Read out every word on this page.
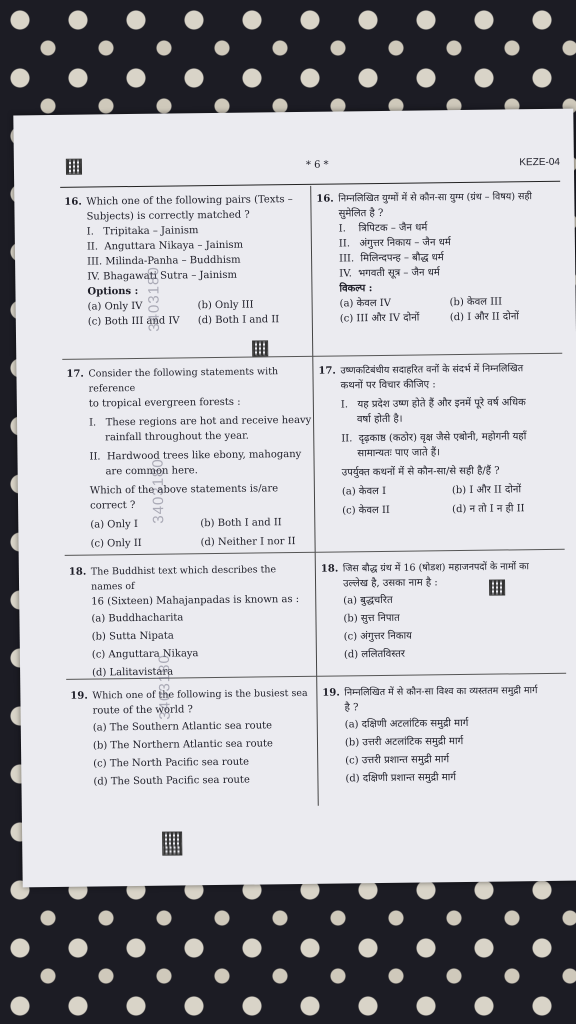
* 6 *	KEZE-04
16. Which one of the following pairs (Texts –
Subjects) is correctly matched ?
I.   Tripitaka – Jainism
II.  Anguttara Nikaya – Jainism
III. Milinda-Panha – Buddhism
IV. Bhagawati Sutra – Jainism
Options :
(a) Only IV	(b) Only III
(c) Both III and IV	(d) Both I and II
16. निम्नलिखित युग्मों में से कौन-सा युग्म (ग्रंथ – विषय) सही
सुमेलित है ?
I.    त्रिपिटक – जैन धर्म
II.   अंगुत्तर निकाय – जैन धर्म
III.  मिलिन्दपन्ह – बौद्ध धर्म
IV.  भगवती सूत्र – जैन धर्म
विकल्प :
(a) केवल IV	(b) केवल III
(c) III और IV दोनों	(d) I और II दोनों
17. Consider the following statements with reference
to tropical evergreen forests :
I.   These regions are hot and receive heavy
rainfall throughout the year.
II.  Hardwood trees like ebony, mahogany
are common here.
Which of the above statements is/are
correct ?
(a) Only I	(b) Both I and II
(c) Only II	(d) Neither I nor II
17. उष्णकटिबंधीय सदाहरित वनों के संदर्भ में निम्नलिखित
कथनों पर विचार कीजिए :
I.   यह प्रदेश उष्ण होते हैं और इनमें पूरे वर्ष अधिक
वर्षा होती है।
II.  दृढ़काष्ठ (कठोर) वृक्ष जैसे एबोनी, महोगनी यहाँ
सामान्यतः पाए जाते हैं।
उपर्युक्त कथनों में से कौन-सा/से सही है/हैं ?
(a) केवल I	(b) I और II दोनों
(c) केवल II	(d) न तो I न ही II
18. The Buddhist text which describes the names of
16 (Sixteen) Mahajanpadas is known as :
(a) Buddhacharita
(b) Sutta Nipata
(c) Anguttara Nikaya
(d) Lalitavistara
18. जिस बौद्ध ग्रंथ में 16 (षोडश) महाजनपदों के नामों का
उल्लेख है, उसका नाम है :
(a) बुद्धचरित
(b) सुत्त निपात
(c) अंगुत्तर निकाय
(d) ललितविस्तर
19. Which one of the following is the busiest sea
route of the world ?
(a) The Southern Atlantic sea route
(b) The Northern Atlantic sea route
(c) The North Pacific sea route
(d) The South Pacific sea route
19. निम्नलिखित में से कौन-सा विश्व का व्यस्ततम समुद्री मार्ग
है ?
(a) दक्षिणी अटलांटिक समुद्री मार्ग
(b) उत्तरी अटलांटिक समुद्री मार्ग
(c) उत्तरी प्रशान्त समुद्री मार्ग
(d) दक्षिणी प्रशान्त समुद्री मार्ग
3403180
3403180
3403180
